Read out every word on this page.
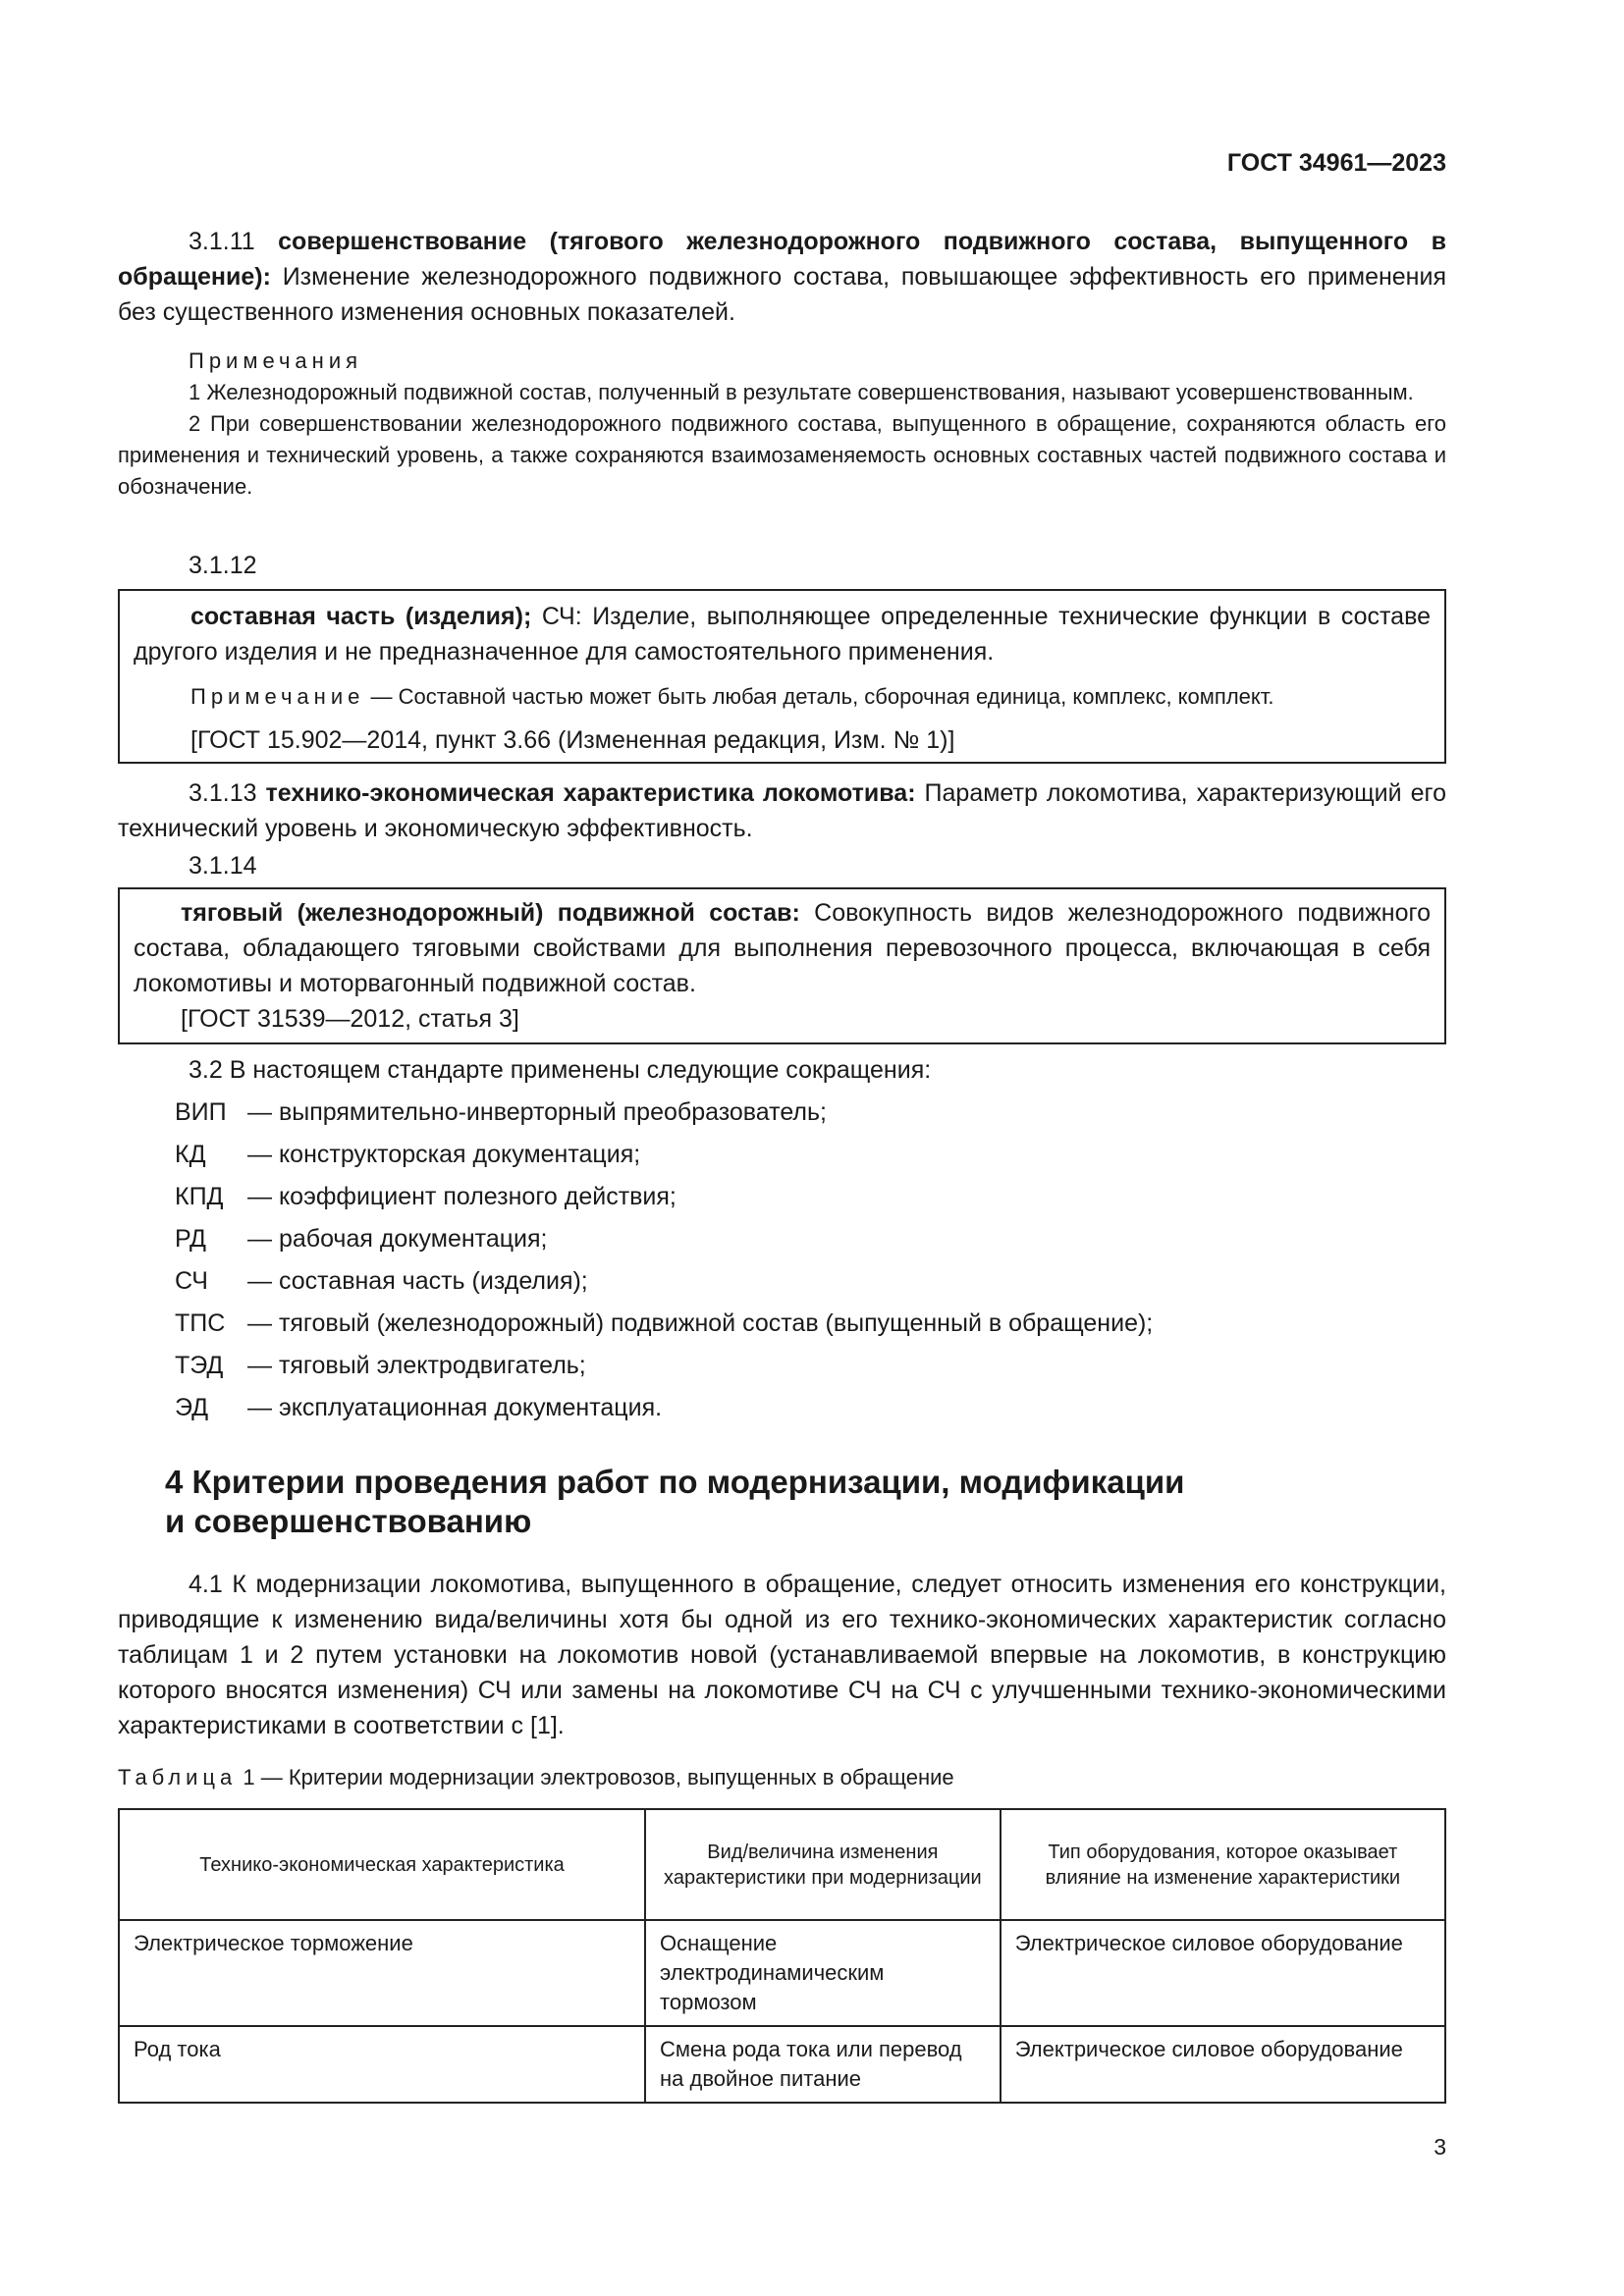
ГОСТ 34961—2023

3.1.11 совершенствование (тягового железнодорожного подвижного состава, выпущенного в обращение): Изменение железнодорожного подвижного состава, повышающее эффективность его применения без существенного изменения основных показателей.

Примечания

1 Железнодорожный подвижной состав, полученный в результате совершенствования, называют усовершенствованным.

2 При совершенствовании железнодорожного подвижного состава, выпущенного в обращение, сохраняются область его применения и технический уровень, а также сохраняются взаимозаменяемость основных составных частей подвижного состава и обозначение.

3.1.12

составная часть (изделия); СЧ: Изделие, выполняющее определенные технические функции в составе другого изделия и не предназначенное для самостоятельного применения.

Примечание — Составной частью может быть любая деталь, сборочная единица, комплекс, комплект.

[ГОСТ 15.902—2014, пункт 3.66 (Измененная редакция, Изм. № 1)]

3.1.13 технико-экономическая характеристика локомотива: Параметр локомотива, характеризующий его технический уровень и экономическую эффективность.

3.1.14

тяговый (железнодорожный) подвижной состав: Совокупность видов железнодорожного подвижного состава, обладающего тяговыми свойствами для выполнения перевозочного процесса, включающая в себя локомотивы и моторвагонный подвижной состав.

[ГОСТ 31539—2012, статья 3]

3.2 В настоящем стандарте применены следующие сокращения:

ВИП — выпрямительно-инверторный преобразователь;

КД	— конструкторская документация;

КПД — коэффициент полезного действия;

РД	— рабочая документация;

СЧ	— составная часть (изделия);

ТПС — тяговый (железнодорожный) подвижной состав (выпущенный в обращение);

ТЭД — тяговый электродвигатель;

ЭД	— эксплуатационная документация.

4 Критерии проведения работ по модернизации, модификации

и совершенствованию

4.1 К модернизации локомотива, выпущенного в обращение, следует относить изменения его конструкции, приводящие к изменению вида/величины хотя бы одной из его технико-экономических характеристик согласно таблицам 1 и 2 путем установки на локомотив новой (устанавливаемой впервые на локомотив, в конструкцию которого вносятся изменения) СЧ или замены на локомотиве СЧ на СЧ с улучшенными технико-экономическими характеристиками в соответствии с [1].

Таблица 1 — Критерии модернизации электровозов, выпущенных в обращение

Технико-экономическая характеристика	Вид/величина изменения характеристики при модернизации	Тип оборудования, которое оказывает влияние на изменение характеристики
Электрическое торможение	Оснащение электродинамическим тормозом	Электрическое силовое оборудование
Род тока	Смена рода тока или перевод на двойное питание	Электрическое силовое оборудование
3
